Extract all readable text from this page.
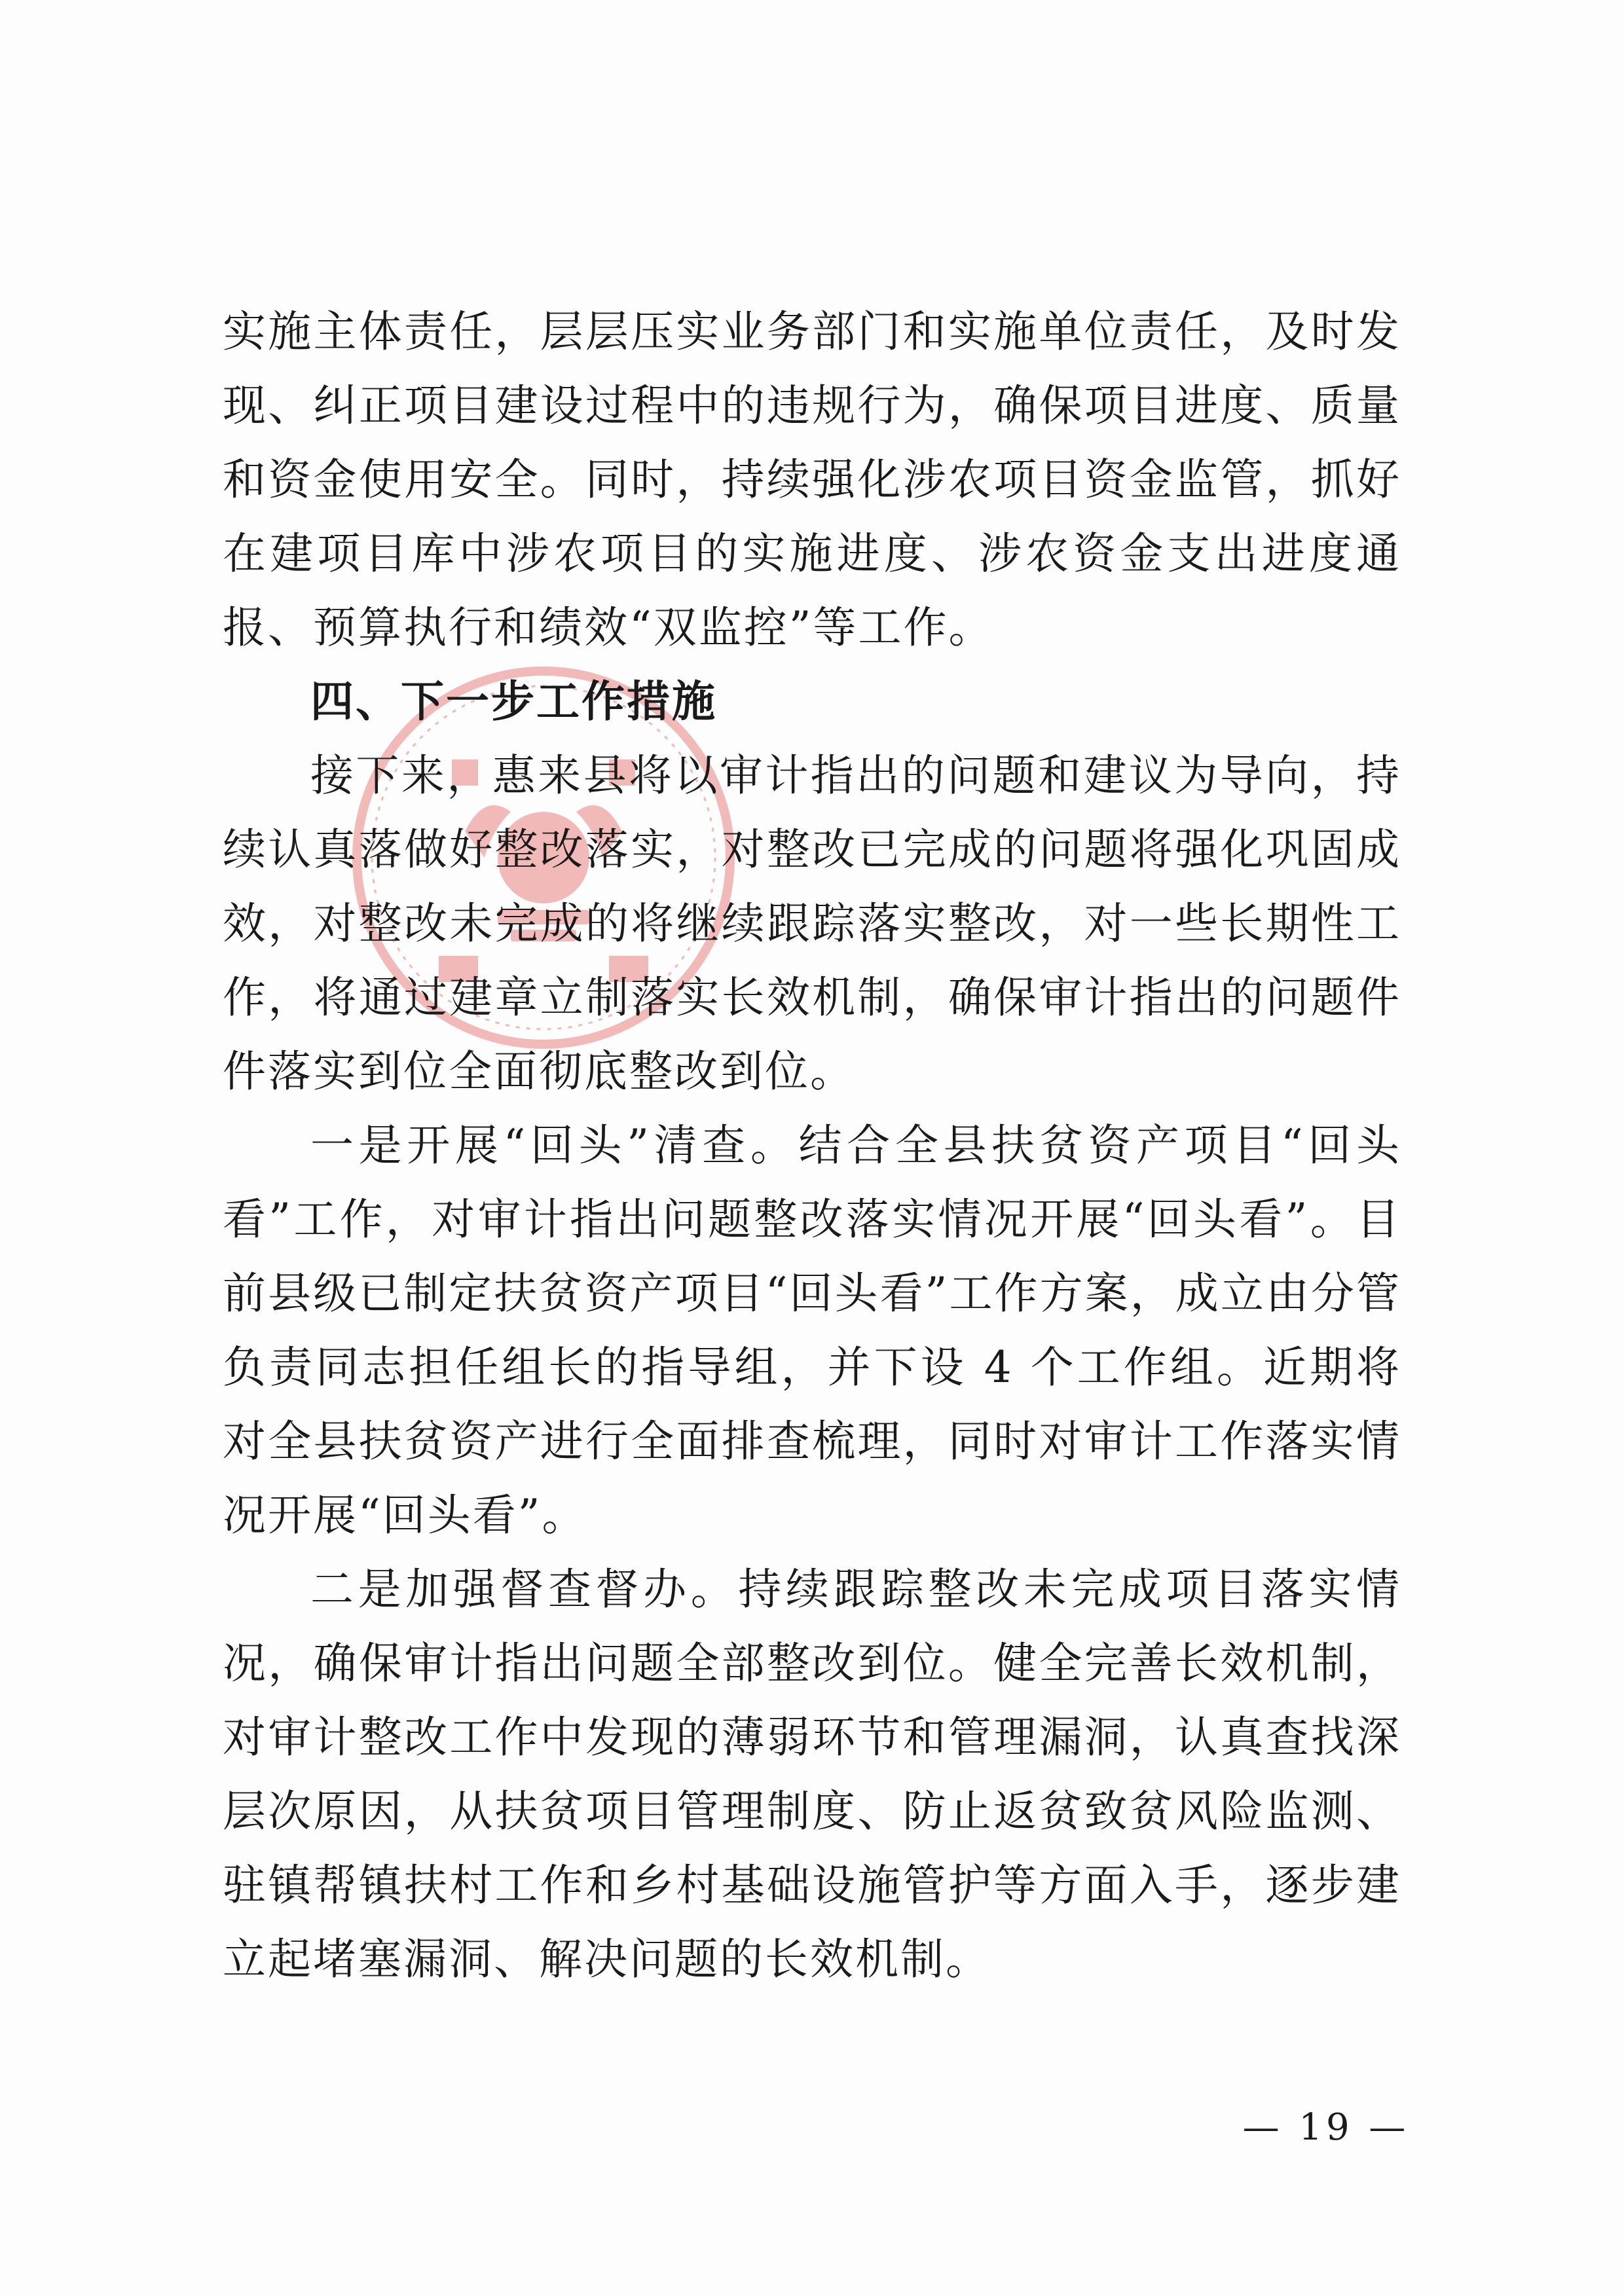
实施主体责任，层层压实业务部门和实施单位责任，及时发现、纠正项目建设过程中的违规行为，确保项目进度、质量和资金使用安全。同时，持续强化涉农项目资金监管，抓好在建项目库中涉农项目的实施进度、涉农资金支出进度通报、预算执行和绩效“双监控”等工作。

四、下一步工作措施

接下来，惠来县将以审计指出的问题和建议为导向，持续认真落做好整改落实，对整改已完成的问题将强化巩固成效，对整改未完成的将继续跟踪落实整改，对一些长期性工作，将通过建章立制落实长效机制，确保审计指出的问题件件落实到位全面彻底整改到位。

一是开展“回头”清查。结合全县扶贫资产项目“回头看”工作，对审计指出问题整改落实情况开展“回头看”。目前县级已制定扶贫资产项目“回头看”工作方案，成立由分管负责同志担任组长的指导组，并下设 4 个工作组。近期将对全县扶贫资产进行全面排查梳理，同时对审计工作落实情况开展“回头看”。

二是加强督查督办。持续跟踪整改未完成项目落实情况，确保审计指出问题全部整改到位。健全完善长效机制，对审计整改工作中发现的薄弱环节和管理漏洞，认真查找深层次原因，从扶贫项目管理制度、防止返贫致贫风险监测、驻镇帮镇扶村工作和乡村基础设施管护等方面入手，逐步建立起堵塞漏洞、解决问题的长效机制。

— 19 —
